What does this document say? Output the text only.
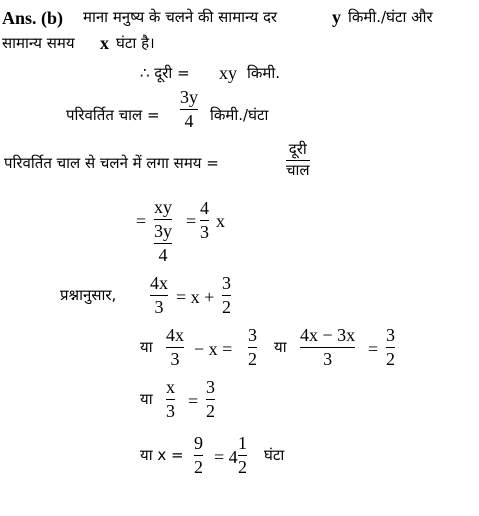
Ans. (b) माना मनुष्य के चलने की सामान्य दर	y किमी./घंटा और
सामान्य समय x घंटा है।
∴ दूरी = xy किमी.
परिवर्तित चाल =
3y
4 किमी./घंटा
परिवर्तित चाल से चलने में लगा समय =
दूरी
चाल
=
xy
3y
4
=
4
3
x
प्रश्नानुसार,
4x
3 = x +
3
2
या
4x
3 − x =
3
2
या
4x − 3x
3 =
3
2
या
x
3 =
3
2
या x =
9
2 = 4
1
2
घंटा
